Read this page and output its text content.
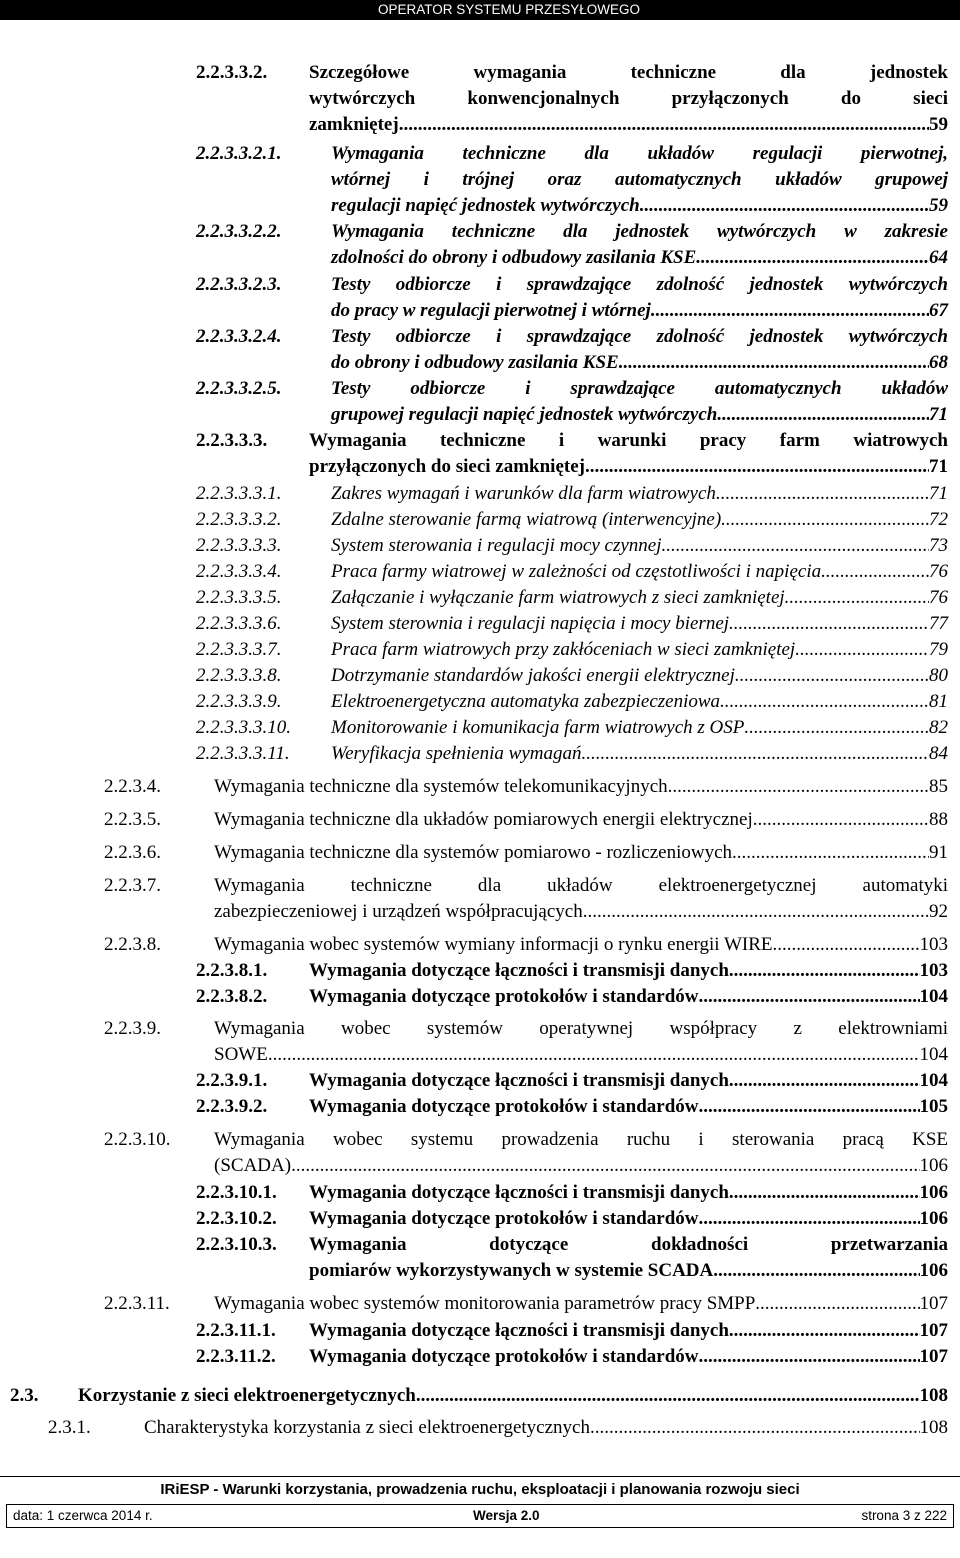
OPERATOR SYSTEMU PRZESYŁOWEGO
2.2.3.3.2.	Szczegółowe wymagania techniczne dla jednostek
wytwórczych konwencjonalnych przyłączonych do sieci
zamkniętej .....	59
2.2.3.3.2.1.	Wymagania techniczne dla układów regulacji pierwotnej,
wtórnej i trójnej oraz automatycznych układów grupowej
regulacji napięć jednostek wytwórczych .....	59
2.2.3.3.2.2.	Wymagania techniczne dla jednostek wytwórczych w zakresie
zdolności do obrony i odbudowy zasilania KSE .....	64
2.2.3.3.2.3.	Testy odbiorcze i sprawdzające zdolność jednostek wytwórczych
do pracy w regulacji pierwotnej i wtórnej .....	67
2.2.3.3.2.4.	Testy odbiorcze i sprawdzające zdolność jednostek wytwórczych
do obrony i odbudowy zasilania KSE .....	68
2.2.3.3.2.5.	Testy odbiorcze i sprawdzające automatycznych układów
grupowej regulacji napięć jednostek wytwórczych .....	71
2.2.3.3.3.	Wymagania techniczne i warunki pracy farm wiatrowych
przyłączonych do sieci zamkniętej .....	71
2.2.3.3.3.1.	Zakres wymagań i warunków dla farm wiatrowych .....	71
2.2.3.3.3.2.	Zdalne sterowanie farmą wiatrową (interwencyjne) .....	72
2.2.3.3.3.3.	System sterowania i regulacji mocy czynnej .....	73
2.2.3.3.3.4.	Praca farmy wiatrowej w zależności od częstotliwości i napięcia .....	76
2.2.3.3.3.5.	Załączanie i wyłączanie farm wiatrowych z sieci zamkniętej .....	76
2.2.3.3.3.6.	System sterownia i regulacji napięcia i mocy biernej .....	77
2.2.3.3.3.7.	Praca farm wiatrowych przy zakłóceniach w sieci zamkniętej .....	79
2.2.3.3.3.8.	Dotrzymanie standardów jakości energii elektrycznej .....	80
2.2.3.3.3.9.	Elektroenergetyczna automatyka zabezpieczeniowa .....	81
2.2.3.3.3.10.	Monitorowanie i komunikacja farm wiatrowych z OSP .....	82
2.2.3.3.3.11.	Weryfikacja spełnienia wymagań .....	84
2.2.3.4.	Wymagania techniczne dla systemów telekomunikacyjnych .....	85
2.2.3.5.	Wymagania techniczne dla układów pomiarowych energii elektrycznej .....	88
2.2.3.6.	Wymagania techniczne dla systemów pomiarowo - rozliczeniowych .....	91
2.2.3.7.	Wymagania techniczne dla układów elektroenergetycznej automatyki
zabezpieczeniowej i urządzeń współpracujących .....	92
2.2.3.8.	Wymagania wobec systemów wymiany informacji o rynku energii WIRE .....	103
2.2.3.8.1.	Wymagania dotyczące łączności i transmisji danych .....	103
2.2.3.8.2.	Wymagania dotyczące protokołów i standardów .....	104
2.2.3.9.	Wymagania wobec systemów operatywnej współpracy z elektrowniami
SOWE .....	104
2.2.3.9.1.	Wymagania dotyczące łączności i transmisji danych .....	104
2.2.3.9.2.	Wymagania dotyczące protokołów i standardów .....	105
2.2.3.10.	Wymagania wobec systemu prowadzenia ruchu i sterowania pracą KSE
(SCADA) .....	106
2.2.3.10.1.	Wymagania dotyczące łączności i transmisji danych .....	106
2.2.3.10.2.	Wymagania dotyczące protokołów i standardów .....	106
2.2.3.10.3.	Wymagania dotyczące dokładności przetwarzania
pomiarów wykorzystywanych w systemie SCADA .....	106
2.2.3.11.	Wymagania wobec systemów monitorowania parametrów pracy SMPP .....	107
2.2.3.11.1.	Wymagania dotyczące łączności i transmisji danych .....	107
2.2.3.11.2.	Wymagania dotyczące protokołów i standardów .....	107
2.3.	Korzystanie z sieci elektroenergetycznych .....	108
2.3.1.	Charakterystyka korzystania z sieci elektroenergetycznych .....	108
IRiESP - Warunki korzystania, prowadzenia ruchu, eksploatacji i planowania rozwoju sieci
data: 1 czerwca 2014 r.	Wersja 2.0	strona 3 z 222
